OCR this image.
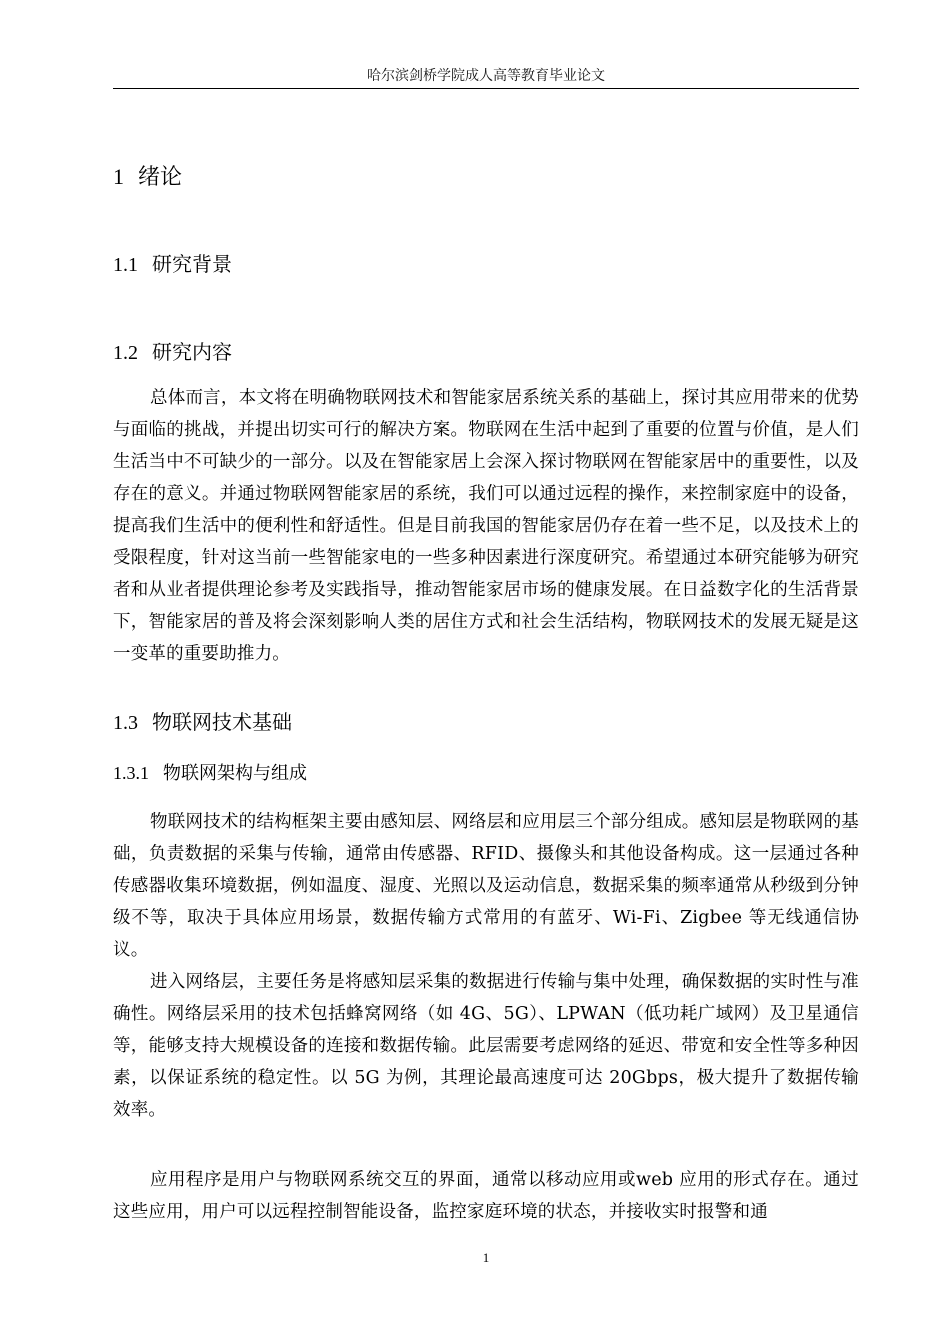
哈尔滨剑桥学院成人高等教育毕业论文
1 绪论
1.1 研究背景
1.2 研究内容

总体而言，本文将在明确物联网技术和智能家居系统关系的基础上，探讨其应用带来的优势与面临的挑战，并提出切实可行的解决方案。物联网在生活中起到了重要的位置与价值，是人们生活当中不可缺少的一部分。以及在智能家居上会深入探讨物联网在智能家居中的重要性，以及存在的意义。并通过物联网智能家居的系统，我们可以通过远程的操作，来控制家庭中的设备，提高我们生活中的便利性和舒适性。但是目前我国的智能家居仍存在着一些不足，以及技术上的受限程度，针对这当前一些智能家电的一些多种因素进行深度研究。希望通过本研究能够为研究者和从业者提供理论参考及实践指导，推动智能家居市场的健康发展。在日益数字化的生活背景下，智能家居的普及将会深刻影响人类的居住方式和社会生活结构，物联网技术的发展无疑是这一变革的重要助推力。

1.3 物联网技术基础
1.3.1 物联网架构与组成

物联网技术的结构框架主要由感知层、网络层和应用层三个部分组成。感知层是物联网的基础，负责数据的采集与传输，通常由传感器、RFID、摄像头和其他设备构成。这一层通过各种传感器收集环境数据，例如温度、湿度、光照以及运动信息，数据采集的频率通常从秒级到分钟级不等，取决于具体应用场景，数据传输方式常用的有蓝牙、Wi-Fi、Zigbee 等无线通信协议。

进入网络层，主要任务是将感知层采集的数据进行传输与集中处理，确保数据的实时性与准确性。网络层采用的技术包括蜂窝网络（如 4G、5G）、LPWAN（低功耗广域网）及卫星通信等，能够支持大规模设备的连接和数据传输。此层需要考虑网络的延迟、带宽和安全性等多种因素，以保证系统的稳定性。以 5G 为例，其理论最高速度可达 20Gbps，极大提升了数据传输效率。

应用程序是用户与物联网系统交互的界面，通常以移动应用或web 应用的形式存在。通过这些应用，用户可以远程控制智能设备，监控家庭环境的状态，并接收实时报警和通

1
